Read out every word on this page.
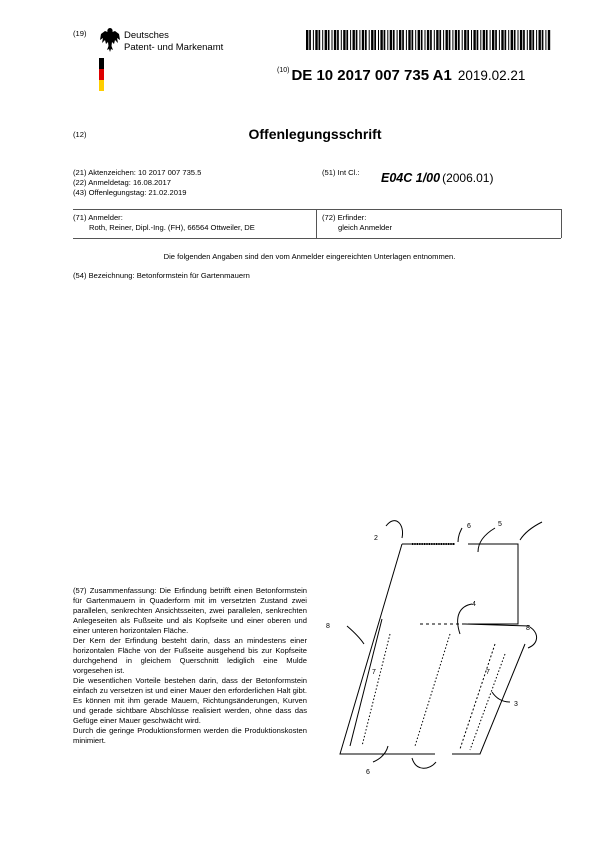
(19)	Deutsches
Patent- und Markenamt
$^{(10)}$ DE 10 2017 007 735 A1 2019.02.21
(12)	Offenlegungsschrift
(21) Aktenzeichen: 10 2017 007 735.5
(22) Anmeldetag: 16.08.2017
(43) Offenlegungstag: 21.02.2019
(51) Int Cl.: E04C 1/00 (2006.01)
(71) Anmelder:
Roth, Reiner, Dipl.-Ing. (FH), 66564 Ottweiler, DE
(72) Erfinder:
gleich Anmelder
Die folgenden Angaben sind den vom Anmelder eingereichten Unterlagen entnommen.
(54) Bezeichnung: Betonformstein für Gartenmauern

(57) Zusammenfassung: Die Erfindung betrifft einen Betonformstein für Gartenmauern in Quaderform mit im versetzten Zustand zwei parallelen, senkrechten Ansichtsseiten, zwei parallelen, senkrechten Anlegeseiten als Fußseite und als Kopfseite und einer oberen und einer unteren horizontalen Fläche.

Der Kern der Erfindung besteht darin, dass an mindestens einer horizontalen Fläche von der Fußseite ausgehend bis zur Kopfseite durchgehend in gleichem Querschnitt lediglich eine Mulde vorgesehen ist.

Die wesentlichen Vorteile bestehen darin, dass der Betonformstein einfach zu versetzen ist und einer Mauer den erforderlichen Halt gibt. Es können mit ihm gerade Mauern, Richtungsänderungen, Kurven und gerade sichtbare Abschlüsse realisiert werden, ohne dass das Gefüge einer Mauer geschwächt wird.

Durch die geringe Produktionsformen werden die Produktionskosten minimiert.

2
6	5
8
4
8
7	7
3
6
